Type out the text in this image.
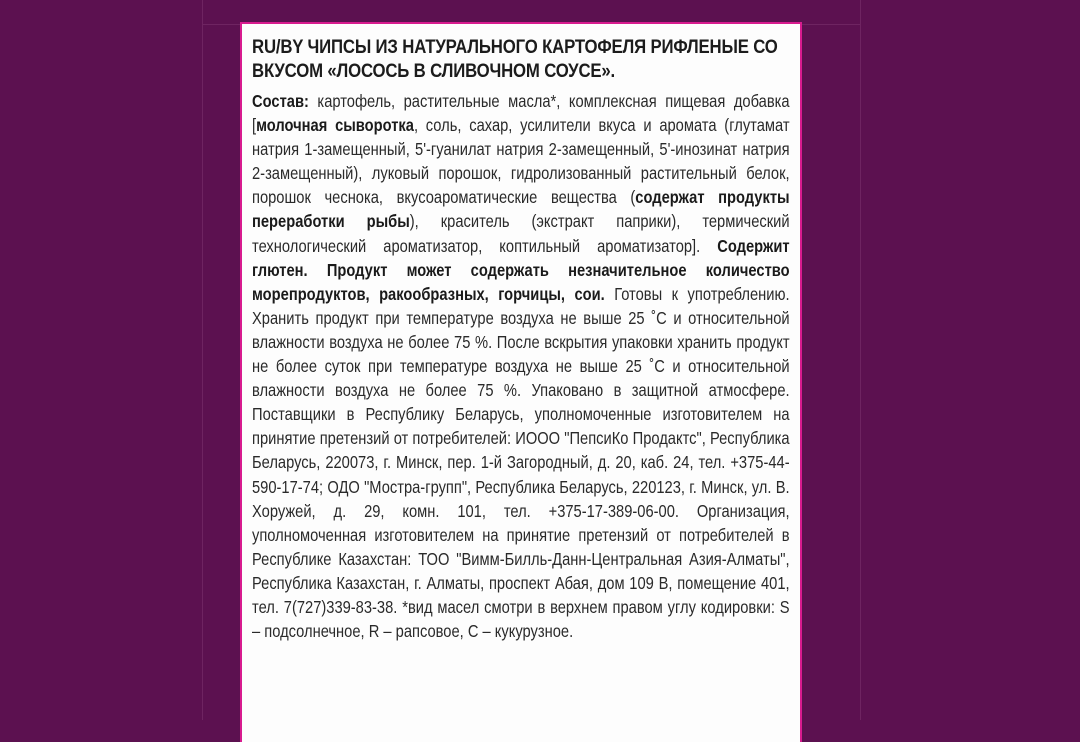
RU/BY ЧИПСЫ ИЗ НАТУРАЛЬНОГО КАРТОФЕЛЯ РИФЛЕНЫЕ СО ВКУСОМ «ЛОСОСЬ В СЛИВОЧНОМ СОУСЕ».

Состав: картофель, растительные масла*, комплексная пищевая добавка [молочная сыворотка, соль, сахар, усилители вкуса и аромата (глутамат натрия 1-замещенный, 5'-гуанилат натрия 2-замещенный, 5'-инозинат натрия 2-замещенный), луковый порошок, гидролизованный растительный белок, порошок чеснока, вкусоароматические вещества (содержат продукты переработки рыбы), краситель (экстракт паприки), термический технологический ароматизатор, коптильный ароматизатор]. Содержит глютен. Продукт может содержать незначительное количество морепродуктов, ракообразных, горчицы, сои. Готовы к употреблению. Хранить продукт при температуре воздуха не выше 25 ˚С и относительной влажности воздуха не более 75 %. После вскрытия упаковки хранить продукт не более суток при температуре воздуха не выше 25 ˚С и относительной влажности воздуха не более 75 %. Упаковано в защитной атмосфере. Поставщики в Республику Беларусь, уполномоченные изготовителем на принятие претензий от потребителей: ИООО "ПепсиКо Продактс", Республика Беларусь, 220073, г. Минск, пер. 1-й Загородный, д. 20, каб. 24, тел. +375-44-590-17-74; ОДО "Мостра-групп", Республика Беларусь, 220123, г. Минск, ул. В. Хоружей, д. 29, комн. 101, тел. +375-17-389-06-00. Организация, уполномоченная изготовителем на принятие претензий от потребителей в Республике Казахстан: ТОО "Вимм-Билль-Данн-Центральная Азия-Алматы", Республика Казахстан, г. Алматы, проспект Абая, дом 109 В, помещение 401, тел. 7(727)339-83-38. *вид масел смотри в верхнем правом углу кодировки: S – подсолнечное, R – рапсовое, C – кукурузное.
